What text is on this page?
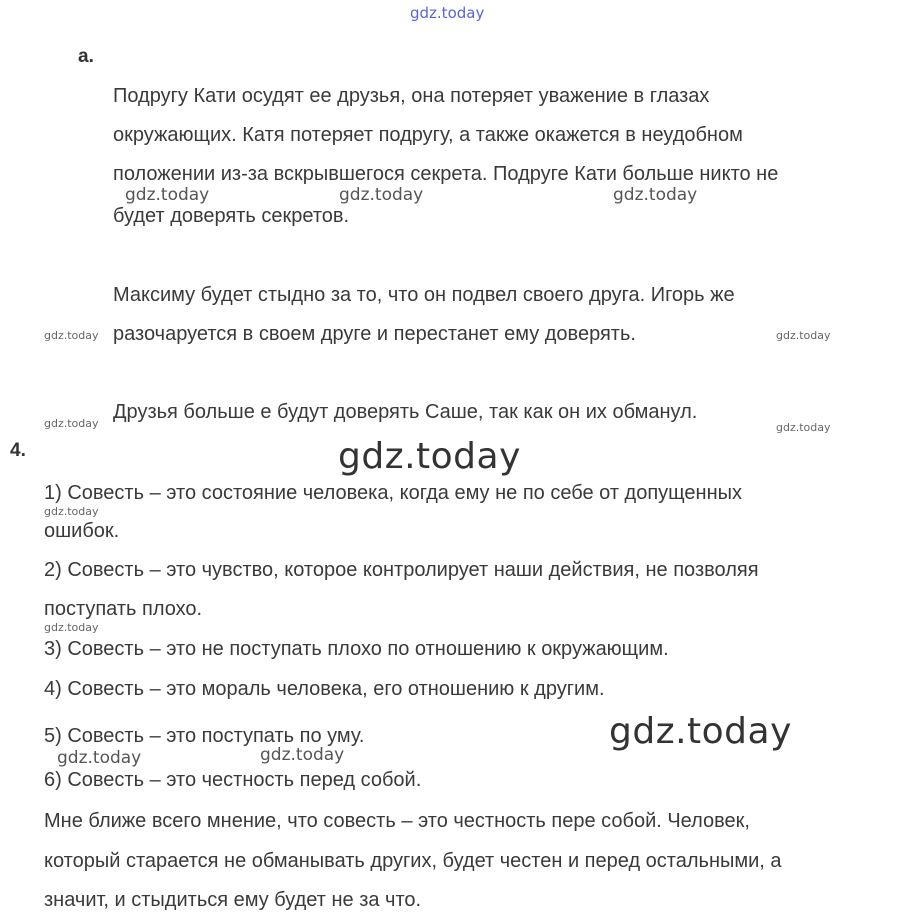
gdz.today
а.
Подругу Кати осудят ее друзья, она потеряет уважение в глазах
окружающих. Катя потеряет подругу, а также окажется в неудобном
положении из-за вскрывшегося секрета. Подруге Кати больше никто не
будет доверять секретов.
gdz.today	gdz.today	gdz.today
Максиму будет стыдно за то, что он подвел своего друга. Игорь же
разочаруется в своем друге и перестанет ему доверять.
gdz.today	gdz.today
Друзья больше е будут доверять Саше, так как он их обманул.
gdz.today	gdz.today
4.	gdz.today
1) Совесть – это состояние человека, когда ему не по себе от допущенных
gdz.today
ошибок.
2) Совесть – это чувство, которое контролирует наши действия, не позволяя
поступать плохо.
gdz.today
3) Совесть – это не поступать плохо по отношению к окружающим.
4) Совесть – это мораль человека, его отношению к другим.
5) Совесть – это поступать по уму.	gdz.today
gdz.today	gdz.today
6) Совесть – это честность перед собой.
Мне ближе всего мнение, что совесть – это честность пере собой. Человек,
который старается не обманывать других, будет честен и перед остальными, а
значит, и стыдиться ему будет не за что.
